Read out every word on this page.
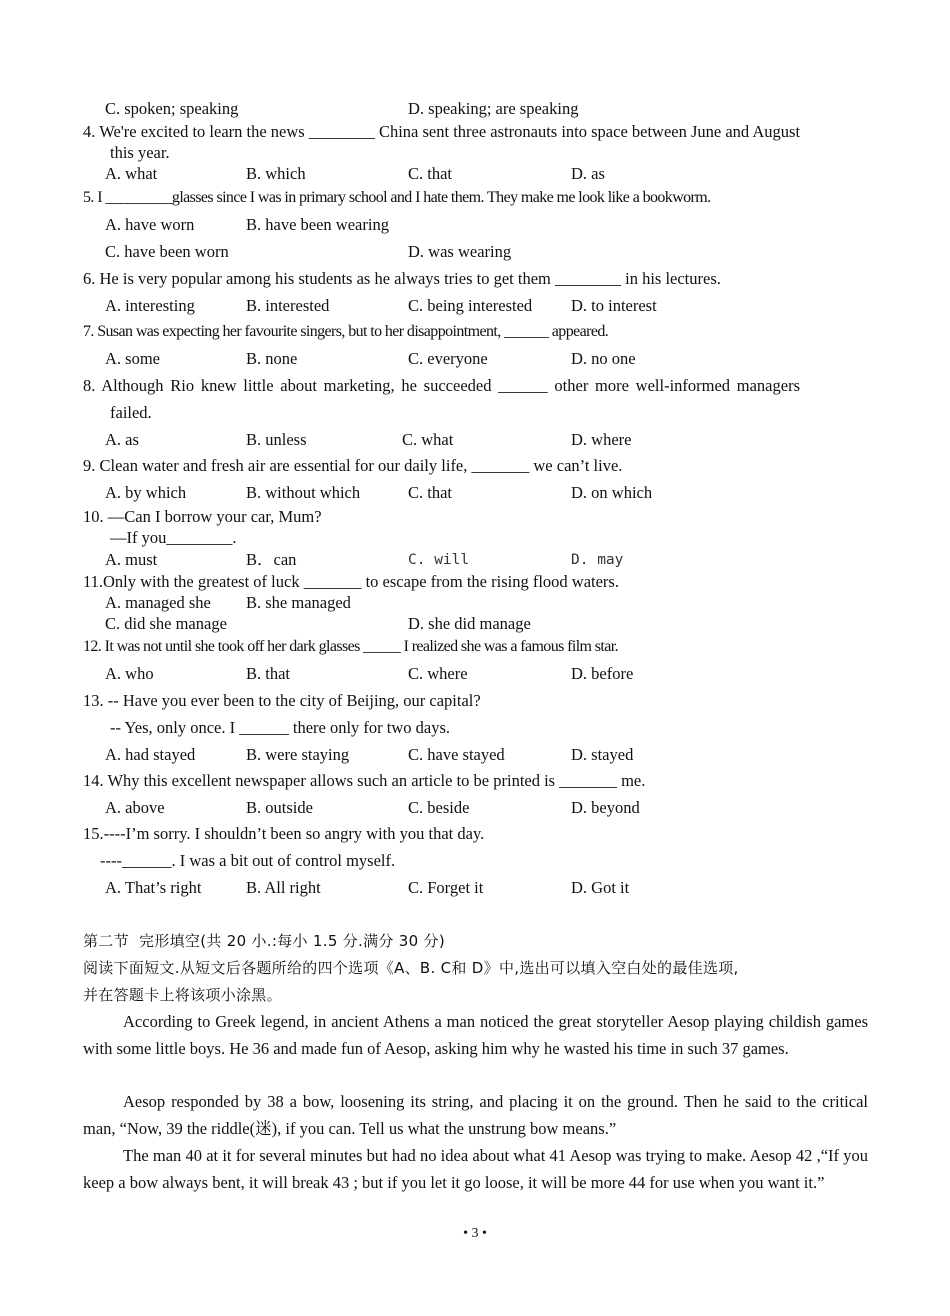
C. spoken; speaking	D. speaking; are speaking
4. We're excited to learn the news ________ China sent three astronauts into space between June and August
this year.
A. what	B. which	C. that	D. as
5. I _________glasses since I was in primary school and I hate them. They make me look like a bookworm.
A. have worn	B. have been wearing
C. have been worn	D. was wearing
6. He is very popular among his students as he always tries to get them ________ in his lectures.
A. interesting	B. interested	C. being interested D. to interest
7. Susan was expecting her favourite singers, but to her disappointment, ______ appeared.
A. some	B. none	C. everyone	D. no one
8. Although Rio knew little about marketing, he succeeded ______ other more well-informed managers
failed.
A. as	B. unless	C. what	D. where
9. Clean water and fresh air are essential for our daily life, _______ we can’t live.
A. by which	B. without which	C. that	D. on which
10. —Can I borrow your car, Mum?
—If you________.
A. must	B．can	C. will	D. may
11.Only with the greatest of luck _______ to escape from the rising flood waters.
A. managed she B. she managed
C. did she manage	D. she did manage
12. It was not until she took off her dark glasses _____ I realized she was a famous film star.
A. who	B. that	C. where	D. before
13. -- Have you ever been to the city of Beijing, our capital?
-- Yes, only once. I ______ there only for two days.
A. had stayed	B. were staying	C. have stayed	D. stayed
14. Why this excellent newspaper allows such an article to be printed is _______ me.
A. above	B. outside	C. beside	D. beyond
15.----I’m sorry. I shouldn’t been so angry with you that day.
----______. I was a bit out of control myself.
A. That’s right	B. All right	C. Forget it	D. Got it
第二节  完形填空(共 20 小.:每小 1.5 分.满分 30 分)
阅读下面短文.从短文后各题所给的四个选项《A、B. C和 D》中,选出可以填入空白处的最佳选项,
并在答题卡上将该项小涂黑。
According to Greek legend, in ancient Athens a man noticed the great storyteller Aesop playing childish games with some little boys. He 36 and made fun of Aesop, asking him why he wasted his time in such 37 games.
Aesop responded by 38 a bow, loosening its string, and placing it on the ground. Then he said to the critical man, “Now, 39 the riddle(迷), if you can. Tell us what the unstrung bow means.”
The man 40 at it for several minutes but had no idea about what 41 Aesop was trying to make. Aesop 42 ,“If you keep a bow always bent, it will break 43 ; but if you let it go loose, it will be more 44 for use when you want it.”
• 3 •
